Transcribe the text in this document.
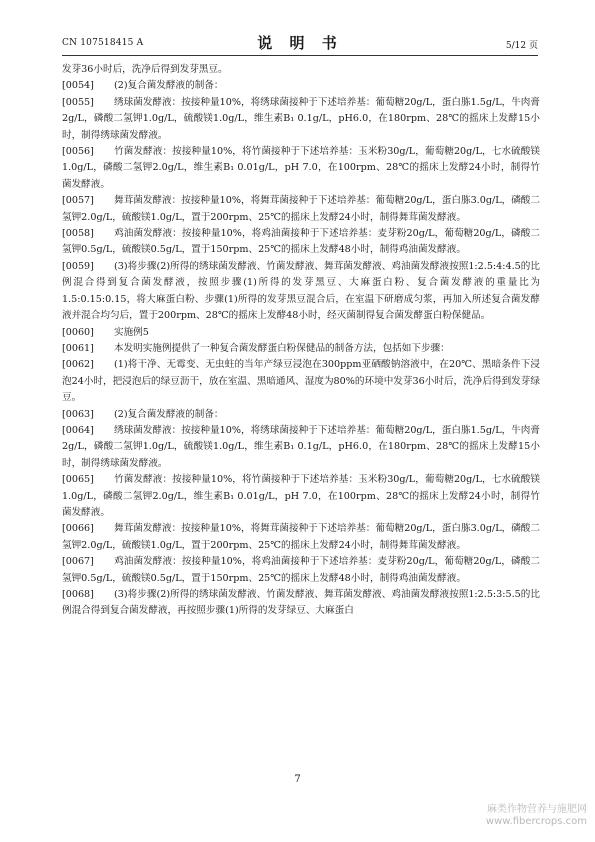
CN 107518415 A	说 明 书	5/12 页

发芽36小时后，洗净后得到发芽黑豆。

[0054] (2)复合菌发酵液的制备：

[0055] 绣球菌发酵液：按接种量10%，将绣球菌接种于下述培养基：葡萄糖20g/L，蛋白胨1.5g/L，牛肉膏2g/L，磷酸二氢钾1.0g/L，硫酸镁1.0g/L，维生素B₁ 0.1g/L，pH6.0，在180rpm、28℃的摇床上发酵15小时，制得绣球菌发酵液。

[0056] 竹菌发酵液：按接种量10%，将竹菌接种于下述培养基：玉米粉30g/L，葡萄糖20g/L，七水硫酸镁1.0g/L，磷酸二氢钾2.0g/L，维生素B₁ 0.01g/L，pH 7.0，在100rpm、28℃的摇床上发酵24小时，制得竹菌发酵液。

[0057] 舞茸菌发酵液：按接种量10%，将舞茸菌接种于下述培养基：葡萄糖20g/L，蛋白胨3.0g/L，磷酸二氢钾2.0g/L，硫酸镁1.0g/L，置于200rpm、25℃的摇床上发酵24小时，制得舞茸菌发酵液。

[0058] 鸡油菌发酵液：按接种量10%，将鸡油菌接种于下述培养基：麦芽粉20g/L，葡萄糖20g/L，磷酸二氢钾0.5g/L，硫酸镁0.5g/L，置于150rpm、25℃的摇床上发酵48小时，制得鸡油菌发酵液。

[0059] (3)将步骤(2)所得的绣球菌发酵液、竹菌发酵液、舞茸菌发酵液、鸡油菌发酵液按照1:2.5:4:4.5的比例混合得到复合菌发酵液，按照步骤(1)所得的发芽黑豆、大麻蛋白粉、复合菌发酵液的重量比为1.5:0.15:0.15，将大麻蛋白粉、步骤(1)所得的发芽黑豆混合后，在室温下研磨成匀浆，再加入所述复合菌发酵液并混合均匀后，置于200rpm、28℃的摇床上发酵48小时，经灭菌制得复合菌发酵蛋白粉保健品。

[0060] 实施例5

[0061] 本发明实施例提供了一种复合菌发酵蛋白粉保健品的制备方法，包括如下步骤：

[0062] (1)将干净、无霉变、无虫蛀的当年产绿豆浸泡在300ppm亚硒酸钠溶液中，在20℃、黑暗条件下浸泡24小时，把浸泡后的绿豆沥干，放在室温、黑暗通风、湿度为80%的环境中发芽36小时后，洗净后得到发芽绿豆。

[0063] (2)复合菌发酵液的制备：

[0064] 绣球菌发酵液：按接种量10%，将绣球菌接种于下述培养基：葡萄糖20g/L，蛋白胨1.5g/L，牛肉膏2g/L，磷酸二氢钾1.0g/L，硫酸镁1.0g/L，维生素B₁ 0.1g/L，pH6.0，在180rpm、28℃的摇床上发酵15小时，制得绣球菌发酵液。

[0065] 竹菌发酵液：按接种量10%，将竹菌接种于下述培养基：玉米粉30g/L，葡萄糖20g/L，七水硫酸镁1.0g/L，磷酸二氢钾2.0g/L，维生素B₁ 0.01g/L，pH 7.0，在100rpm、28℃的摇床上发酵24小时，制得竹菌发酵液。

[0066] 舞茸菌发酵液：按接种量10%，将舞茸菌接种于下述培养基：葡萄糖20g/L，蛋白胨3.0g/L，磷酸二氢钾2.0g/L，硫酸镁1.0g/L，置于200rpm、25℃的摇床上发酵24小时，制得舞茸菌发酵液。

[0067] 鸡油菌发酵液：按接种量10%，将鸡油菌接种于下述培养基：麦芽粉20g/L，葡萄糖20g/L，磷酸二氢钾0.5g/L，硫酸镁0.5g/L，置于150rpm、25℃的摇床上发酵48小时，制得鸡油菌发酵液。

[0068] (3)将步骤(2)所得的绣球菌发酵液、竹菌发酵液、舞茸菌发酵液、鸡油菌发酵液按照1:2.5:3:5.5的比例混合得到复合菌发酵液，再按照步骤(1)所得的发芽绿豆、大麻蛋白

7
麻类作物营养与施肥网
www.fibercrops.com
